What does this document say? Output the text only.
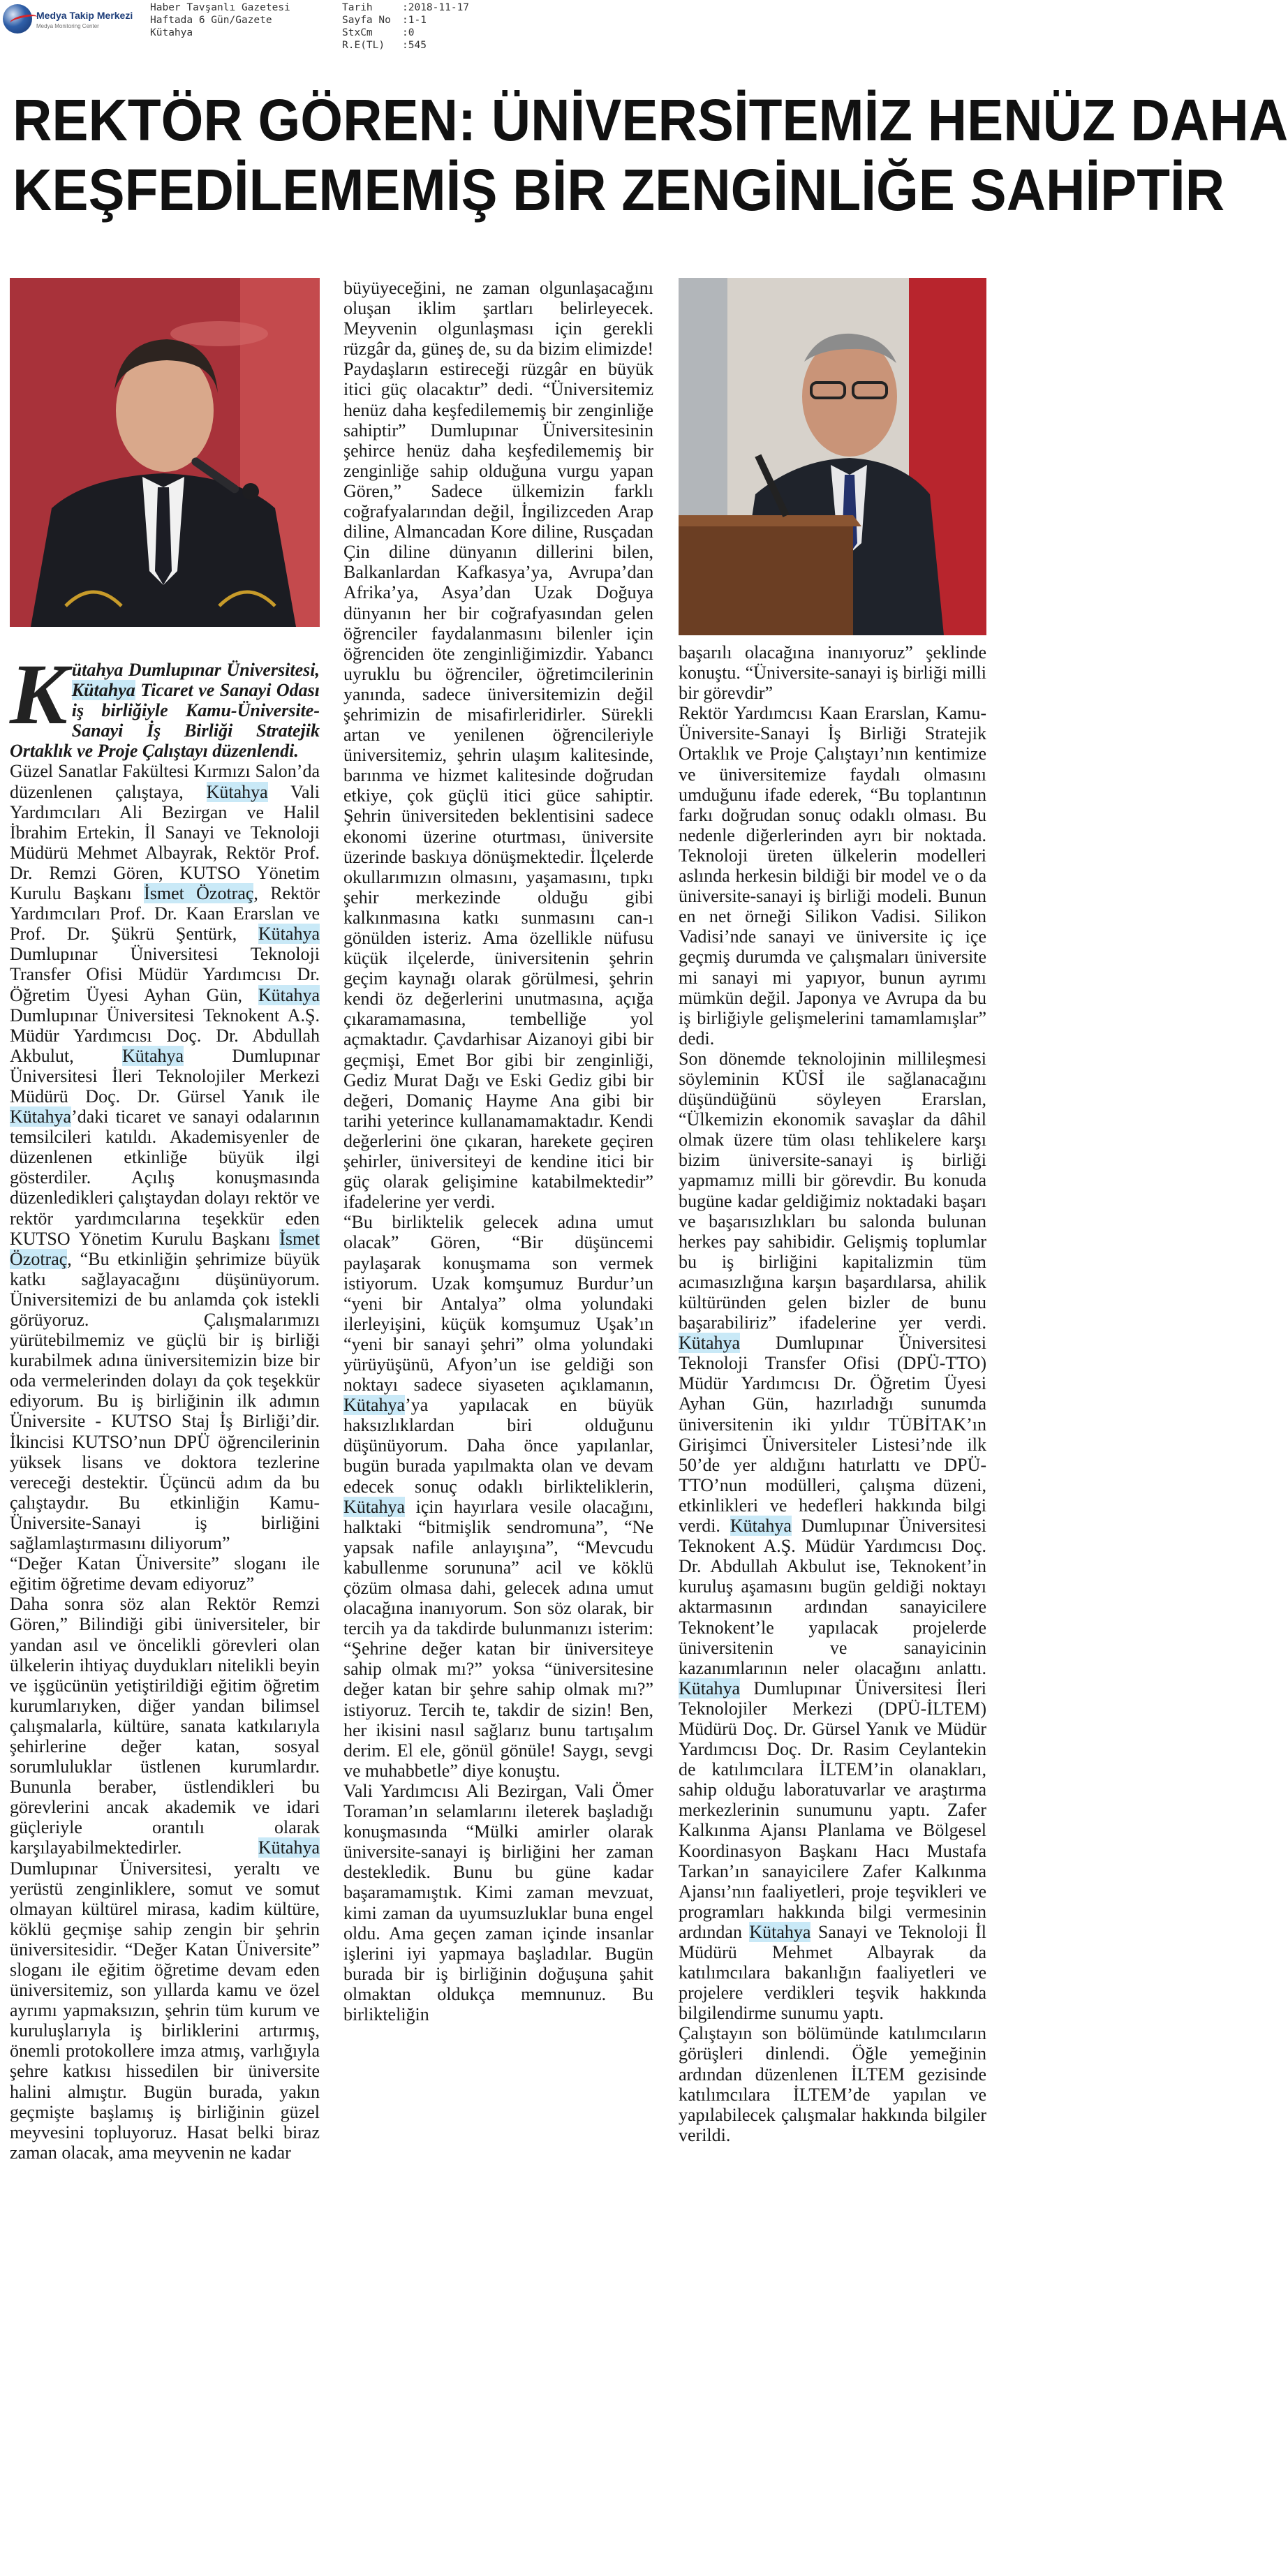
Medya Takip Merkezi
Medya Monitoring Center
Haber Tavşanlı Gazetesi
Haftada 6 Gün/Gazete
Kütahya
Tarih
Sayfa No
StxCm
R.E(TL)
:2018-11-17
:1-1
:0
:545
REKTÖR GÖREN: ÜNİVERSİTEMİZ HENÜZ DAHA
KEŞFEDİLEMEMİŞ BİR ZENGİNLİĞE SAHİPTİR

Kütahya Dumlupınar Üniversitesi, Kütahya Ticaret ve Sanayi Odası iş birliğiyle Kamu-Üniversite-Sanayi İş Birliği Stratejik Ortaklık ve Proje Çalıştayı düzenlendi.

Güzel Sanatlar Fakültesi Kırmızı Salon’da düzenlenen çalıştaya, Kütahya Vali Yardımcıları Ali Bezirgan ve Halil İbrahim Ertekin, İl Sanayi ve Teknoloji Müdürü Mehmet Albayrak, Rektör Prof. Dr. Remzi Gören, KUTSO Yönetim Kurulu Başkanı İsmet Özotraç, Rektör Yardımcıları Prof. Dr. Kaan Erarslan ve Prof. Dr. Şükrü Şentürk, Kütahya Dumlupınar Üniversitesi Teknoloji Transfer Ofisi Müdür Yardımcısı Dr. Öğretim Üyesi Ayhan Gün, Kütahya Dumlupınar Üniversitesi Teknokent A.Ş. Müdür Yardımcısı Doç. Dr. Abdullah Akbulut, Kütahya Dumlupınar Üniversitesi İleri Teknolojiler Merkezi Müdürü Doç. Dr. Gürsel Yanık ile Kütahya’daki ticaret ve sanayi odalarının temsilcileri katıldı. Akademisyenler de düzenlenen etkinliğe büyük ilgi gösterdiler. Açılış konuşmasında düzenledikleri çalıştaydan dolayı rektör ve rektör yardımcılarına teşekkür eden KUTSO Yönetim Kurulu Başkanı İsmet Özotraç, “Bu etkinliğin şehrimize büyük katkı sağlayacağını düşünüyorum. Üniversitemizi de bu anlamda çok istekli görüyoruz. Çalışmalarımızı yürütebilmemiz ve güçlü bir iş birliği kurabilmek adına üniversitemizin bize bir oda vermelerinden dolayı da çok teşekkür ediyorum. Bu iş birliğinin ilk adımın Üniversite - KUTSO Staj İş Birliği’dir. İkincisi KUTSO’nun DPÜ öğrencilerinin yüksek lisans ve doktora tezlerine vereceği destektir. Üçüncü adım da bu çalıştaydır. Bu etkinliğin Kamu-Üniversite-Sanayi iş birliğini sağlamlaştırmasını diliyorum”
“Değer Katan Üniversite” sloganı ile eğitim öğretime devam ediyoruz”
Daha sonra söz alan Rektör Remzi Gören,” Bilindiği gibi üniversiteler, bir yandan asıl ve öncelikli görevleri olan ülkelerin ihtiyaç duydukları nitelikli beyin ve işgücünün yetiştirildiği eğitim öğretim kurumlarıyken, diğer yandan bilimsel çalışmalarla, kültüre, sanata katkılarıyla şehirlerine değer katan, sosyal sorumluluklar üstlenen kurumlardır. Bununla beraber, üstlendikleri bu görevlerini ancak akademik ve idari güçleriyle orantılı olarak karşılayabilmektedirler. Kütahya Dumlupınar Üniversitesi, yeraltı ve yerüstü zenginliklere, somut ve somut olmayan kültürel mirasa, kadim kültüre, köklü geçmişe sahip zengin bir şehrin üniversitesidir. “Değer Katan Üniversite” sloganı ile eğitim öğretime devam eden üniversitemiz, son yıllarda kamu ve özel ayrımı yapmaksızın, şehrin tüm kurum ve kuruluşlarıyla iş birliklerini artırmış, önemli protokollere imza atmış, varlığıyla şehre katkısı hissedilen bir üniversite halini almıştır. Bugün burada, yakın geçmişte başlamış iş birliğinin güzel meyvesini topluyoruz. Hasat belki biraz zaman olacak, ama meyvenin ne kadar

büyüyeceğini, ne zaman olgunlaşacağını oluşan iklim şartları belirleyecek. Meyvenin olgunlaşması için gerekli rüzgâr da, güneş de, su da bizim elimizde! Paydaşların estireceği rüzgâr en büyük itici güç olacaktır” dedi. “Üniversitemiz henüz daha keşfedilememiş bir zenginliğe sahiptir” Dumlupınar Üniversitesinin şehirce henüz daha keşfedilememiş bir zenginliğe sahip olduğuna vurgu yapan Gören,” Sadece ülkemizin farklı coğrafyalarından değil, İngilizceden Arap diline, Almancadan Kore diline, Rusçadan Çin diline dünyanın dillerini bilen, Balkanlardan Kafkasya’ya, Avrupa’dan Afrika’ya, Asya’dan Uzak Doğuya dünyanın her bir coğrafyasından gelen öğrenciler faydalanmasını bilenler için öğrenciden öte zenginliğimizdir. Yabancı uyruklu bu öğrenciler, öğretimcilerinin yanında, sadece üniversitemizin değil şehrimizin de misafirleridirler. Sürekli artan ve yenilenen öğrencileriyle üniversitemiz, şehrin ulaşım kalitesinde, barınma ve hizmet kalitesinde doğrudan etkiye, çok güçlü itici güce sahiptir. Şehrin üniversiteden beklentisini sadece ekonomi üzerine oturtması, üniversite üzerinde baskıya dönüşmektedir. İlçelerde okullarımızın olmasını, yaşamasını, tıpkı şehir merkezinde olduğu gibi kalkınmasına katkı sunmasını can-ı gönülden isteriz. Ama özellikle nüfusu küçük ilçelerde, üniversitenin şehrin geçim kaynağı olarak görülmesi, şehrin kendi öz değerlerini unutmasına, açığa çıkaramamasına, tembelliğe yol açmaktadır. Çavdarhisar Aizanoyi gibi bir geçmişi, Emet Bor gibi bir zenginliği, Gediz Murat Dağı ve Eski Gediz gibi bir değeri, Domaniç Hayme Ana gibi bir tarihi yeterince kullanamamaktadır. Kendi değerlerini öne çıkaran, harekete geçiren şehirler, üniversiteyi de kendine itici bir güç olarak gelişimine katabilmektedir” ifadelerine yer verdi.
“Bu birliktelik gelecek adına umut olacak” Gören, “Bir düşüncemi paylaşarak konuşmama son vermek istiyorum. Uzak komşumuz Burdur’un “yeni bir Antalya” olma yolundaki ilerleyişini, küçük komşumuz Uşak’ın “yeni bir sanayi şehri” olma yolundaki yürüyüşünü, Afyon’un ise geldiği son noktayı sadece siyaseten açıklamanın, Kütahya’ya yapılacak en büyük haksızlıklardan biri olduğunu düşünüyorum. Daha önce yapılanlar, bugün burada yapılmakta olan ve devam edecek sonuç odaklı birlikteliklerin, Kütahya için hayırlara vesile olacağını, halktaki “bitmişlik sendromuna”, “Ne yapsak nafile anlayışına”, “Mevcudu kabullenme sorununa” acil ve köklü çözüm olmasa dahi, gelecek adına umut olacağına inanıyorum. Son söz olarak, bir tercih ya da takdirde bulunmanızı isterim: “Şehrine değer katan bir üniversiteye sahip olmak mı?” yoksa “üniversitesine değer katan bir şehre sahip olmak mı?” istiyoruz. Tercih te, takdir de sizin! Ben, her ikisini nasıl sağlarız bunu tartışalım derim. El ele, gönül gönüle! Saygı, sevgi ve muhabbetle” diye konuştu.
Vali Yardımcısı Ali Bezirgan, Vali Ömer Toraman’ın selamlarını ileterek başladığı konuşmasında “Mülki amirler olarak üniversite-sanayi iş birliğini her zaman destekledik. Bunu bu güne kadar başaramamıştık. Kimi zaman mevzuat, kimi zaman da uyumsuzluklar buna engel oldu. Ama geçen zaman içinde insanlar işlerini iyi yapmaya başladılar. Bugün burada bir iş birliğinin doğuşuna şahit olmaktan oldukça memnunuz. Bu birlikteliğin

başarılı olacağına inanıyoruz” şeklinde konuştu. “Üniversite-sanayi iş birliği milli bir görevdir”
Rektör Yardımcısı Kaan Erarslan, Kamu-Üniversite-Sanayi İş Birliği Stratejik Ortaklık ve Proje Çalıştayı’nın kentimize ve üniversitemize faydalı olmasını umduğunu ifade ederek, “Bu toplantının farkı doğrudan sonuç odaklı olması. Bu nedenle diğerlerinden ayrı bir noktada. Teknoloji üreten ülkelerin modelleri aslında herkesin bildiği bir model ve o da üniversite-sanayi iş birliği modeli. Bunun en net örneği Silikon Vadisi. Silikon Vadisi’nde sanayi ve üniversite iç içe geçmiş durumda ve çalışmaları üniversite mi sanayi mi yapıyor, bunun ayrımı mümkün değil. Japonya ve Avrupa da bu iş birliğiyle gelişmelerini tamamlamışlar” dedi.
Son dönemde teknolojinin millileşmesi söyleminin KÜSİ ile sağlanacağını düşündüğünü söyleyen Erarslan, “Ülkemizin ekonomik savaşlar da dâhil olmak üzere tüm olası tehlikelere karşı bizim üniversite-sanayi iş birliği yapmamız milli bir görevdir. Bu konuda bugüne kadar geldiğimiz noktadaki başarı ve başarısızlıkları bu salonda bulunan herkes pay sahibidir. Gelişmiş toplumlar bu iş birliğini kapitalizmin tüm acımasızlığına karşın başardılarsa, ahilik kültüründen gelen bizler de bunu başarabiliriz” ifadelerine yer verdi. Kütahya Dumlupınar Üniversitesi Teknoloji Transfer Ofisi (DPÜ-TTO) Müdür Yardımcısı Dr. Öğretim Üyesi Ayhan Gün, hazırladığı sunumda üniversitenin iki yıldır TÜBİTAK’ın Girişimci Üniversiteler Listesi’nde ilk 50’de yer aldığını hatırlattı ve DPÜ-TTO’nun modülleri, çalışma düzeni, etkinlikleri ve hedefleri hakkında bilgi verdi. Kütahya Dumlupınar Üniversitesi Teknokent A.Ş. Müdür Yardımcısı Doç. Dr. Abdullah Akbulut ise, Teknokent’in kuruluş aşamasını bugün geldiği noktayı aktarmasının ardından sanayicilere Teknokent’le yapılacak projelerde üniversitenin ve sanayicinin kazanımlarının neler olacağını anlattı. Kütahya Dumlupınar Üniversitesi İleri Teknolojiler Merkezi (DPÜ-İLTEM) Müdürü Doç. Dr. Gürsel Yanık ve Müdür Yardımcısı Doç. Dr. Rasim Ceylantekin de katılımcılara İLTEM’in olanakları, sahip olduğu laboratuvarlar ve araştırma merkezlerinin sunumunu yaptı. Zafer Kalkınma Ajansı Planlama ve Bölgesel Koordinasyon Başkanı Hacı Mustafa Tarkan’ın sanayicilere Zafer Kalkınma Ajansı’nın faaliyetleri, proje teşvikleri ve programları hakkında bilgi vermesinin ardından Kütahya Sanayi ve Teknoloji İl Müdürü Mehmet Albayrak da katılımcılara bakanlığın faaliyetleri ve projelere verdikleri teşvik hakkında bilgilendirme sunumu yaptı.
Çalıştayın son bölümünde katılımcıların görüşleri dinlendi. Öğle yemeğinin ardından düzenlenen İLTEM gezisinde katılımcılara İLTEM’de yapılan ve yapılabilecek çalışmalar hakkında bilgiler verildi.
